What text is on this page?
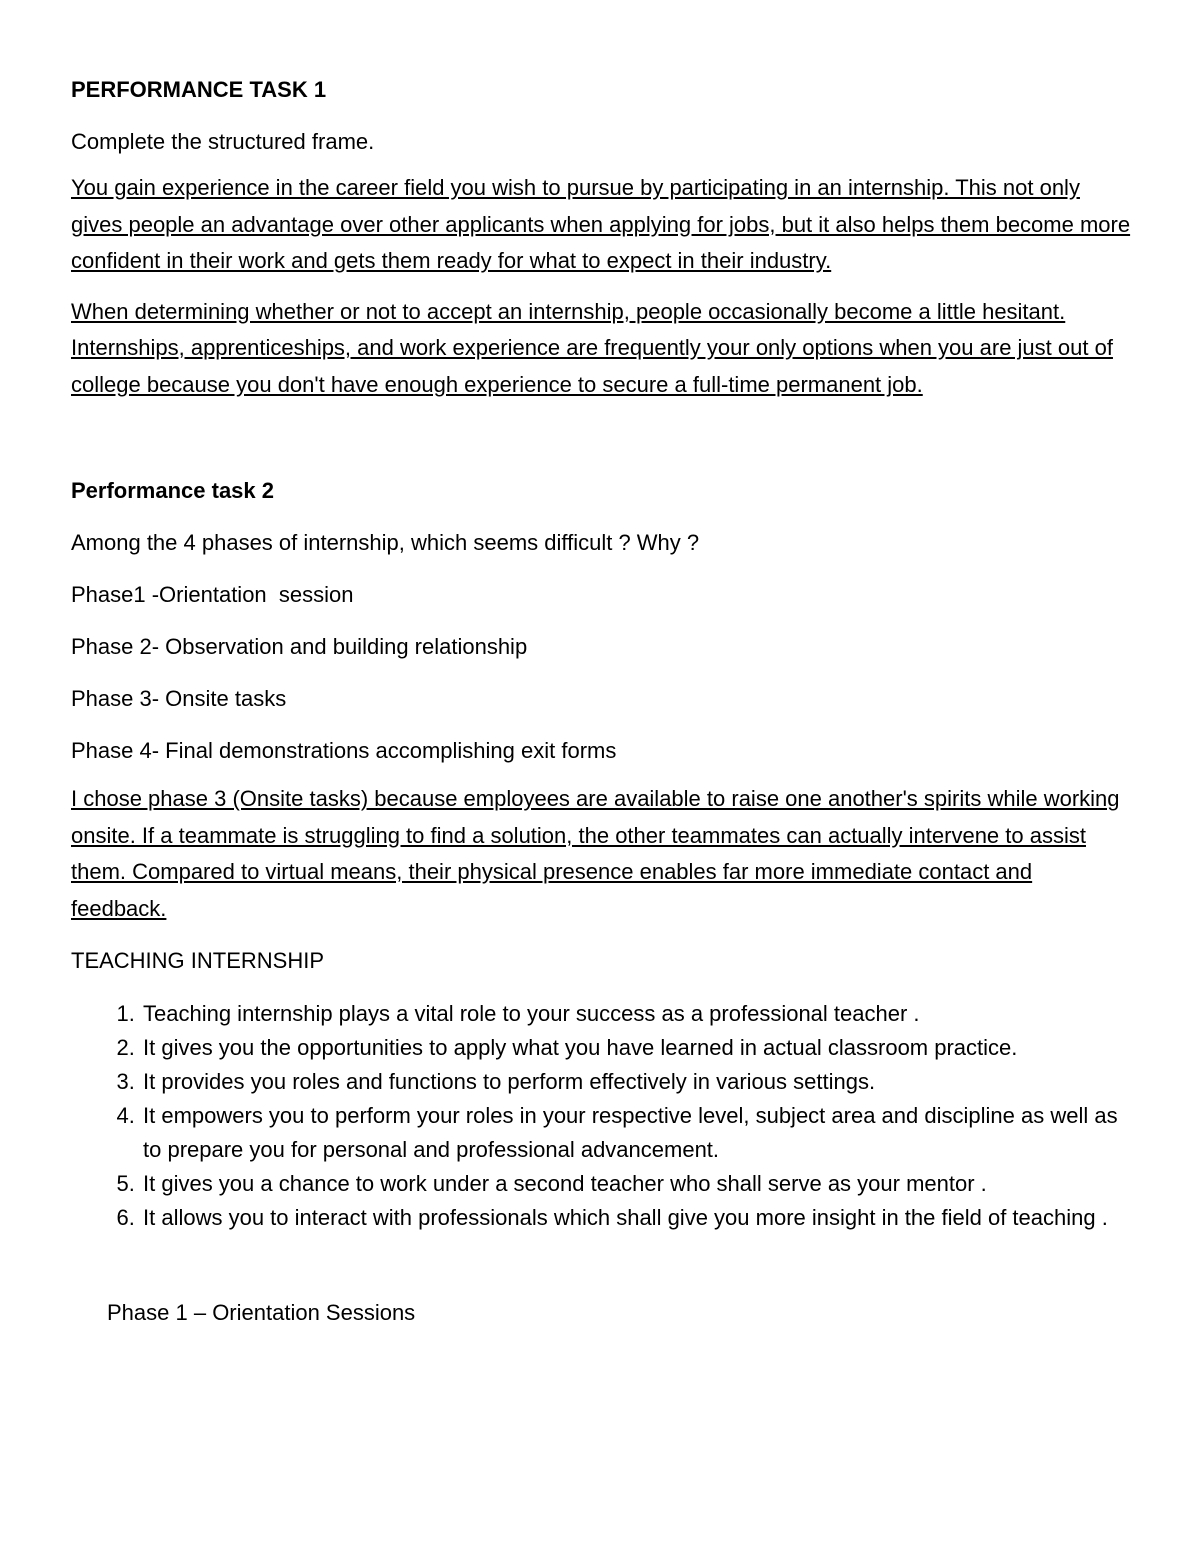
PERFORMANCE TASK 1

Complete the structured frame.

You gain experience in the career field you wish to pursue by participating in an internship. This not only gives people an advantage over other applicants when applying for jobs, but it also helps them become more confident in their work and gets them ready for what to expect in their industry.

When determining whether or not to accept an internship, people occasionally become a little hesitant. Internships, apprenticeships, and work experience are frequently your only options when you are just out of college because you don't have enough experience to secure a full-time permanent job.

Performance task 2

Among the 4 phases of internship, which seems difficult ? Why ?

Phase1 -Orientation  session

Phase 2- Observation and building relationship

Phase 3- Onsite tasks

Phase 4- Final demonstrations accomplishing exit forms

I chose phase 3 (Onsite tasks) because employees are available to raise one another's spirits while working onsite. If a teammate is struggling to find a solution, the other teammates can actually intervene to assist them. Compared to virtual means, their physical presence enables far more immediate contact and feedback.

TEACHING INTERNSHIP

1. Teaching internship plays a vital role to your success as a professional teacher .
2. It gives you the opportunities to apply what you have learned in actual classroom practice.
3. It provides you roles and functions to perform effectively in various settings.
4. It empowers you to perform your roles in your respective level, subject area and discipline as well as to prepare you for personal and professional advancement.
5. It gives you a chance to work under a second teacher who shall serve as your mentor .
6. It allows you to interact with professionals which shall give you more insight in the field of teaching .

Phase 1 – Orientation Sessions
